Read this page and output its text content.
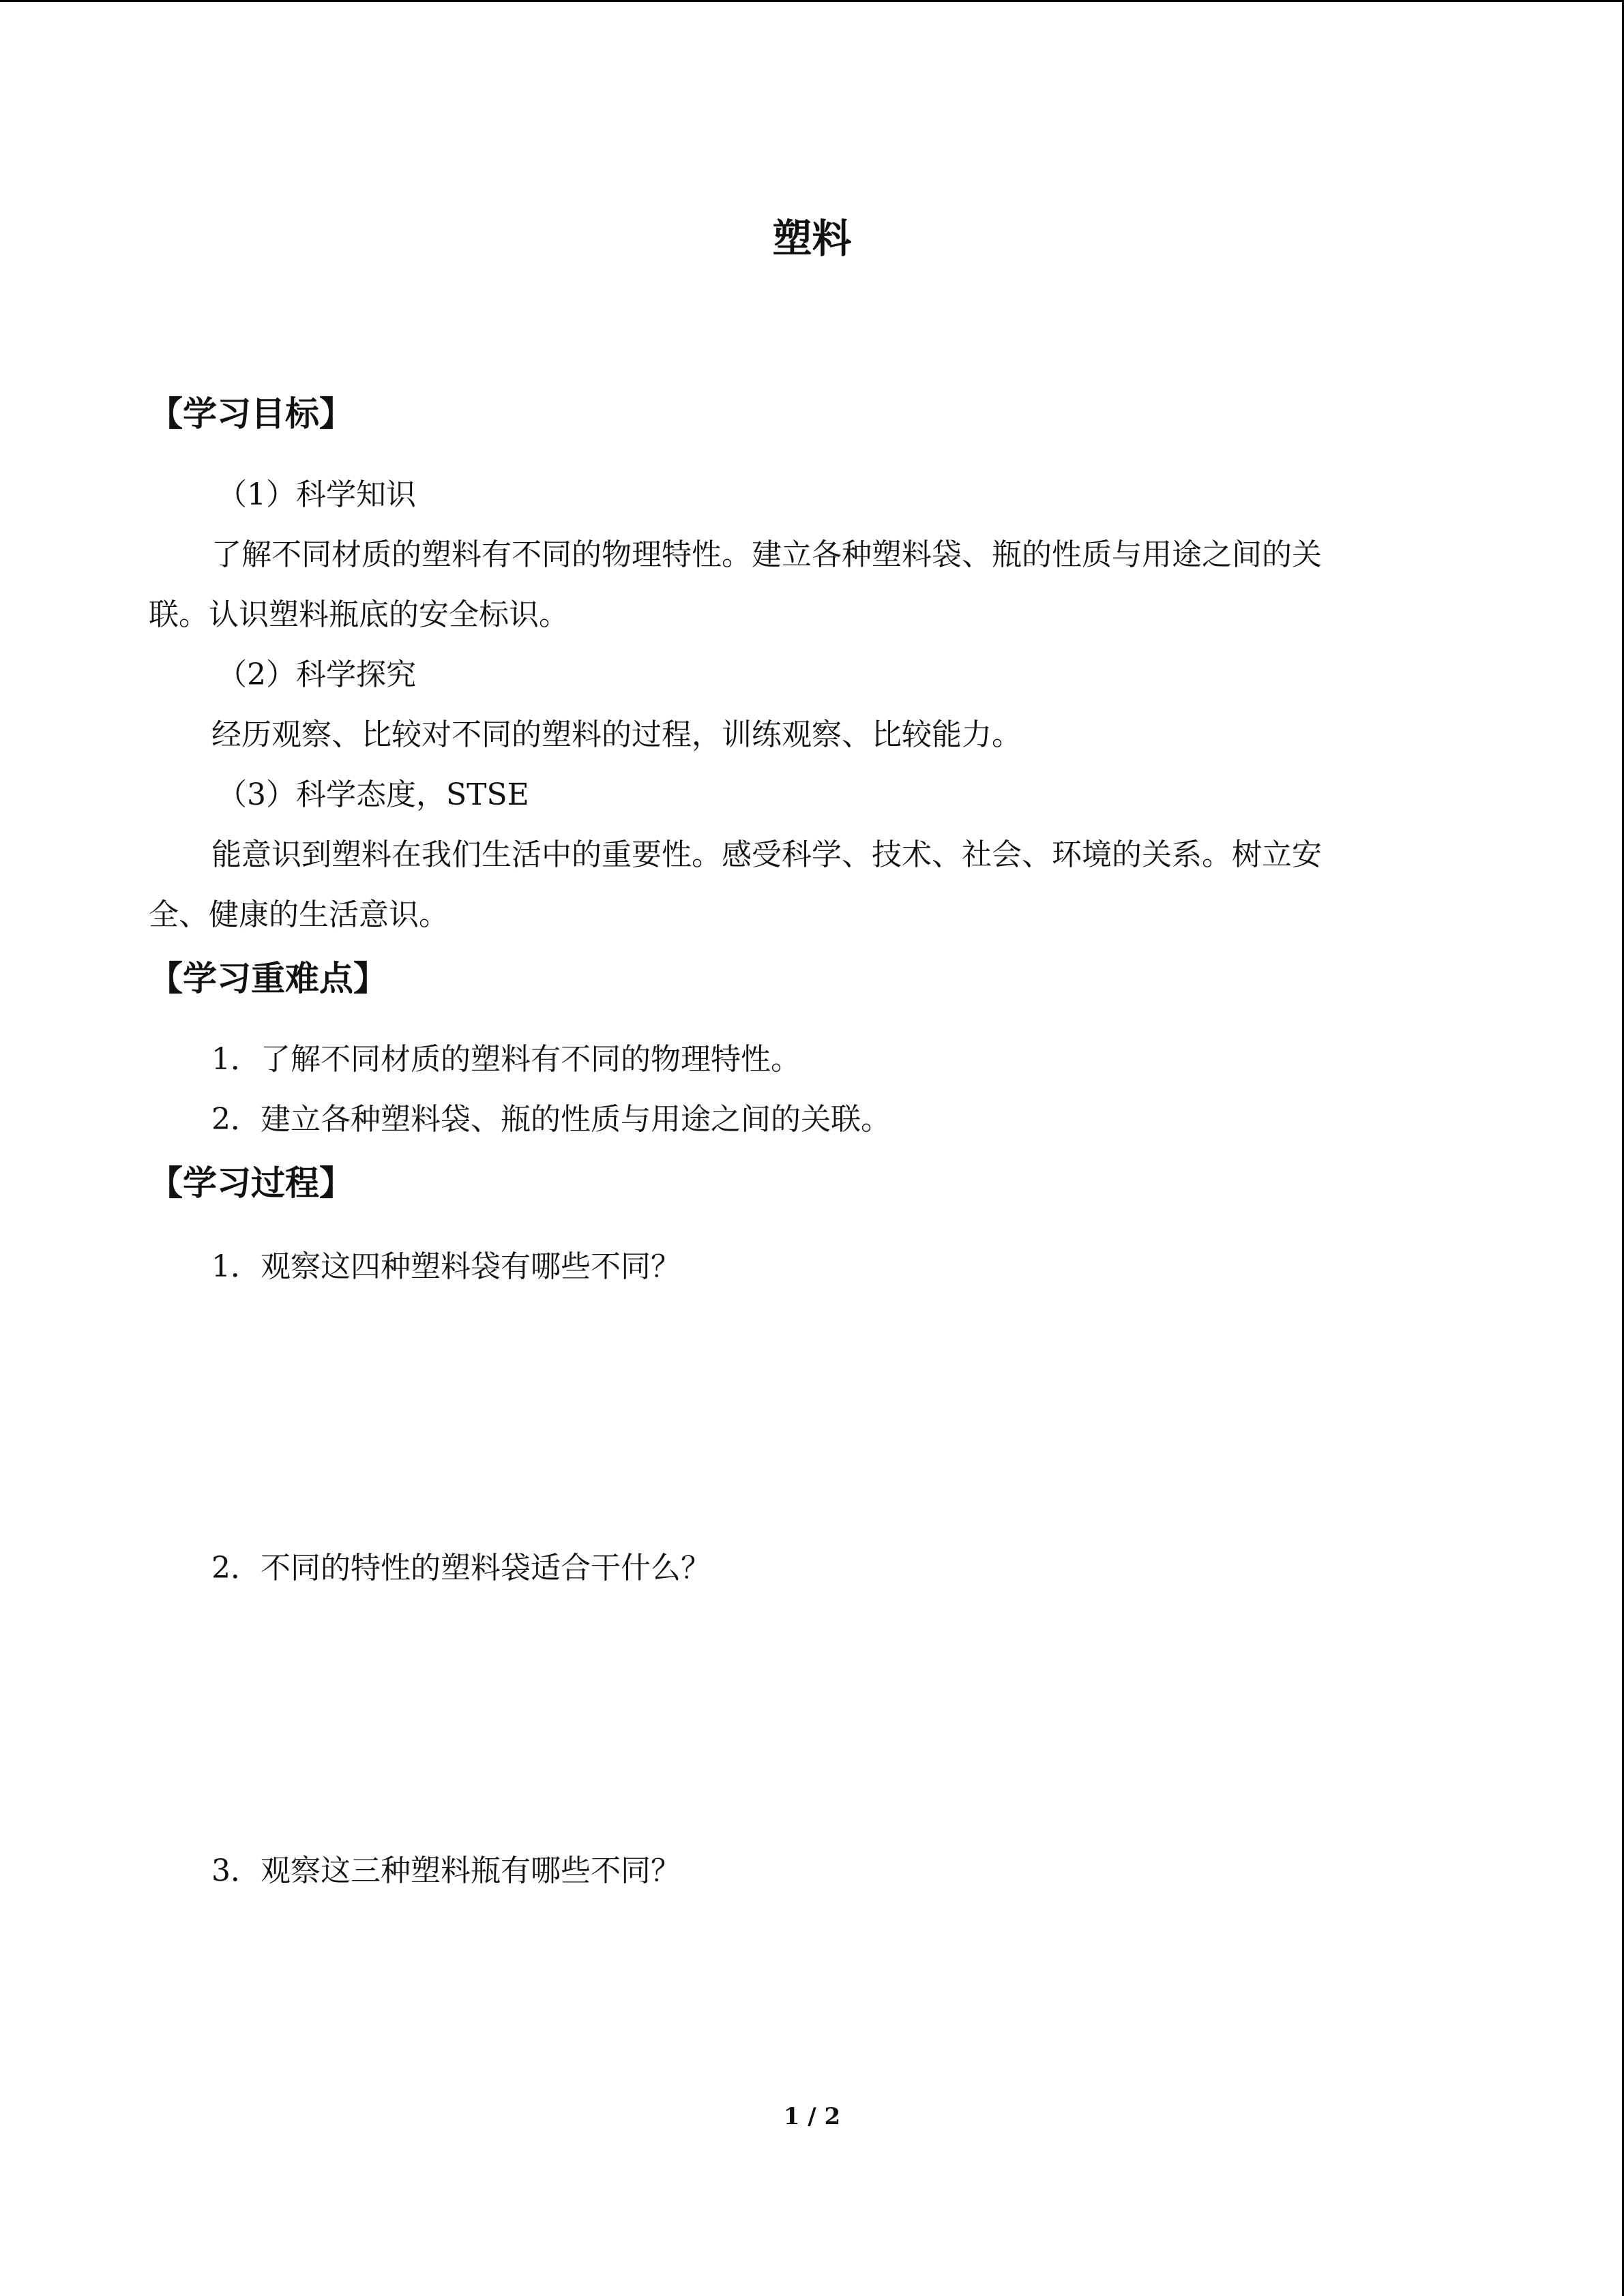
塑料
【学习目标】
（1）科学知识
了解不同材质的塑料有不同的物理特性。建立各种塑料袋、瓶的性质与用途之间的关
联。认识塑料瓶底的安全标识。
（2）科学探究
经历观察、比较对不同的塑料的过程，训练观察、比较能力。
（3）科学态度，STSE
能意识到塑料在我们生活中的重要性。感受科学、技术、社会、环境的关系。树立安
全、健康的生活意识。
【学习重难点】
1．了解不同材质的塑料有不同的物理特性。
2．建立各种塑料袋、瓶的性质与用途之间的关联。
【学习过程】
1．观察这四种塑料袋有哪些不同？
2．不同的特性的塑料袋适合干什么？
3．观察这三种塑料瓶有哪些不同？
1 / 2
